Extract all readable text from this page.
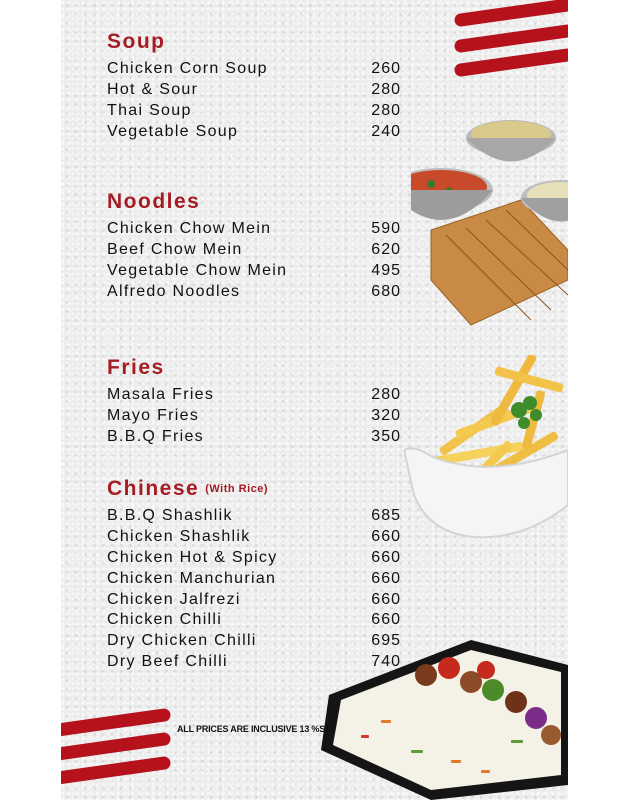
Soup
Chicken Corn Soup	260
Hot & Sour	280
Thai Soup	280
Vegetable Soup	240
Noodles
Chicken Chow Mein	590
Beef Chow Mein	620
Vegetable Chow Mein	495
Alfredo Noodles	680
Fries
Masala Fries	280
Mayo Fries	320
B.B.Q Fries	350
Chinese (With Rice)
B.B.Q Shashlik	685
Chicken Shashlik	660
Chicken Hot & Spicy	660
Chicken Manchurian	660
Chicken Jalfrezi	660
Chicken Chilli	660
Dry Chicken Chilli	695
Dry Beef Chilli	740
ALL PRICES ARE INCLUSIVE 13 %SST
